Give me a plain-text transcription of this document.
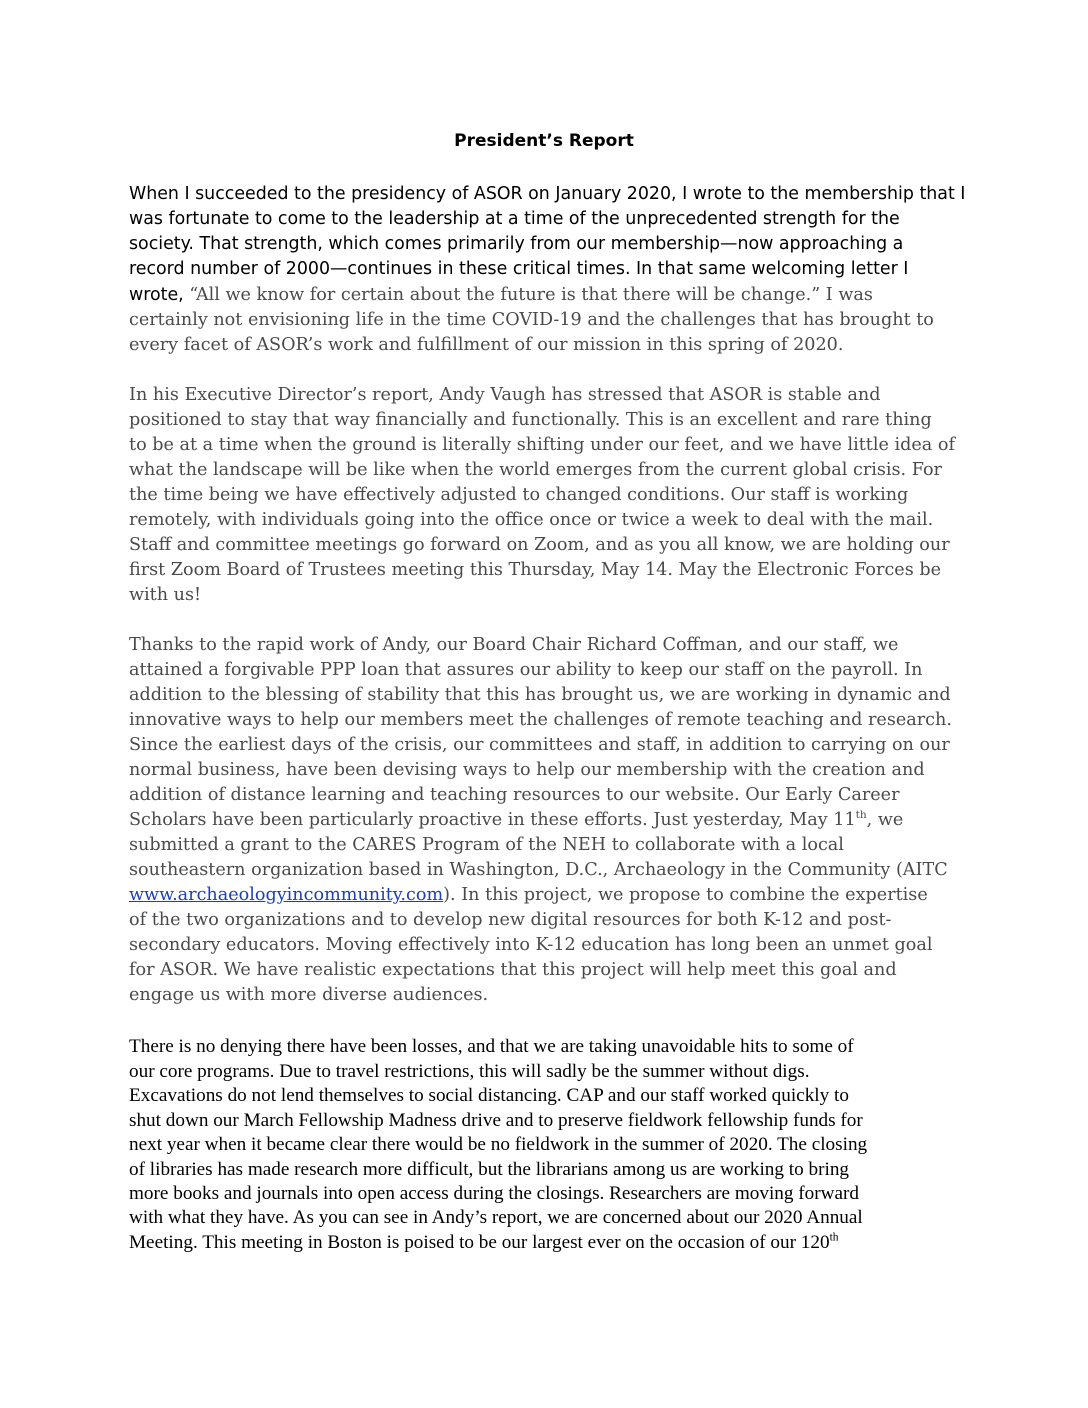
President’s Report

When I succeeded to the presidency of ASOR on January 2020, I wrote to the membership that I

was fortunate to come to the leadership at a time of the unprecedented strength for the

society. That strength, which comes primarily from our membership—now approaching a

record number of 2000—continues in these critical times. In that same welcoming letter I

wrote, “All we know for certain about the future is that there will be change.” I was

certainly not envisioning life in the time COVID-19 and the challenges that has brought to

every facet of ASOR’s work and fulfillment of our mission in this spring of 2020.

In his Executive Director’s report, Andy Vaugh has stressed that ASOR is stable and

positioned to stay that way financially and functionally. This is an excellent and rare thing

to be at a time when the ground is literally shifting under our feet, and we have little idea of

what the landscape will be like when the world emerges from the current global crisis. For

the time being we have effectively adjusted to changed conditions. Our staff is working

remotely, with individuals going into the office once or twice a week to deal with the mail.

Staff and committee meetings go forward on Zoom, and as you all know, we are holding our

first Zoom Board of Trustees meeting this Thursday, May 14. May the Electronic Forces be

with us!

Thanks to the rapid work of Andy, our Board Chair Richard Coffman, and our staff, we

attained a forgivable PPP loan that assures our ability to keep our staff on the payroll. In

addition to the blessing of stability that this has brought us, we are working in dynamic and

innovative ways to help our members meet the challenges of remote teaching and research.

Since the earliest days of the crisis, our committees and staff, in addition to carrying on our

normal business, have been devising ways to help our membership with the creation and

addition of distance learning and teaching resources to our website. Our Early Career

Scholars have been particularly proactive in these efforts. Just yesterday, May 11th, we

submitted a grant to the CARES Program of the NEH to collaborate with a local

southeastern organization based in Washington, D.C., Archaeology in the Community (AITC

www.archaeologyincommunity.com). In this project, we propose to combine the expertise

of the two organizations and to develop new digital resources for both K-12 and post-

secondary educators. Moving effectively into K-12 education has long been an unmet goal

for ASOR. We have realistic expectations that this project will help meet this goal and

engage us with more diverse audiences.

There is no denying there have been losses, and that we are taking unavoidable hits to some of

our core programs. Due to travel restrictions, this will sadly be the summer without digs.

Excavations do not lend themselves to social distancing. CAP and our staff worked quickly to

shut down our March Fellowship Madness drive and to preserve fieldwork fellowship funds for

next year when it became clear there would be no fieldwork in the summer of 2020. The closing

of libraries has made research more difficult, but the librarians among us are working to bring

more books and journals into open access during the closings. Researchers are moving forward

with what they have. As you can see in Andy’s report, we are concerned about our 2020 Annual

Meeting. This meeting in Boston is poised to be our largest ever on the occasion of our 120th
